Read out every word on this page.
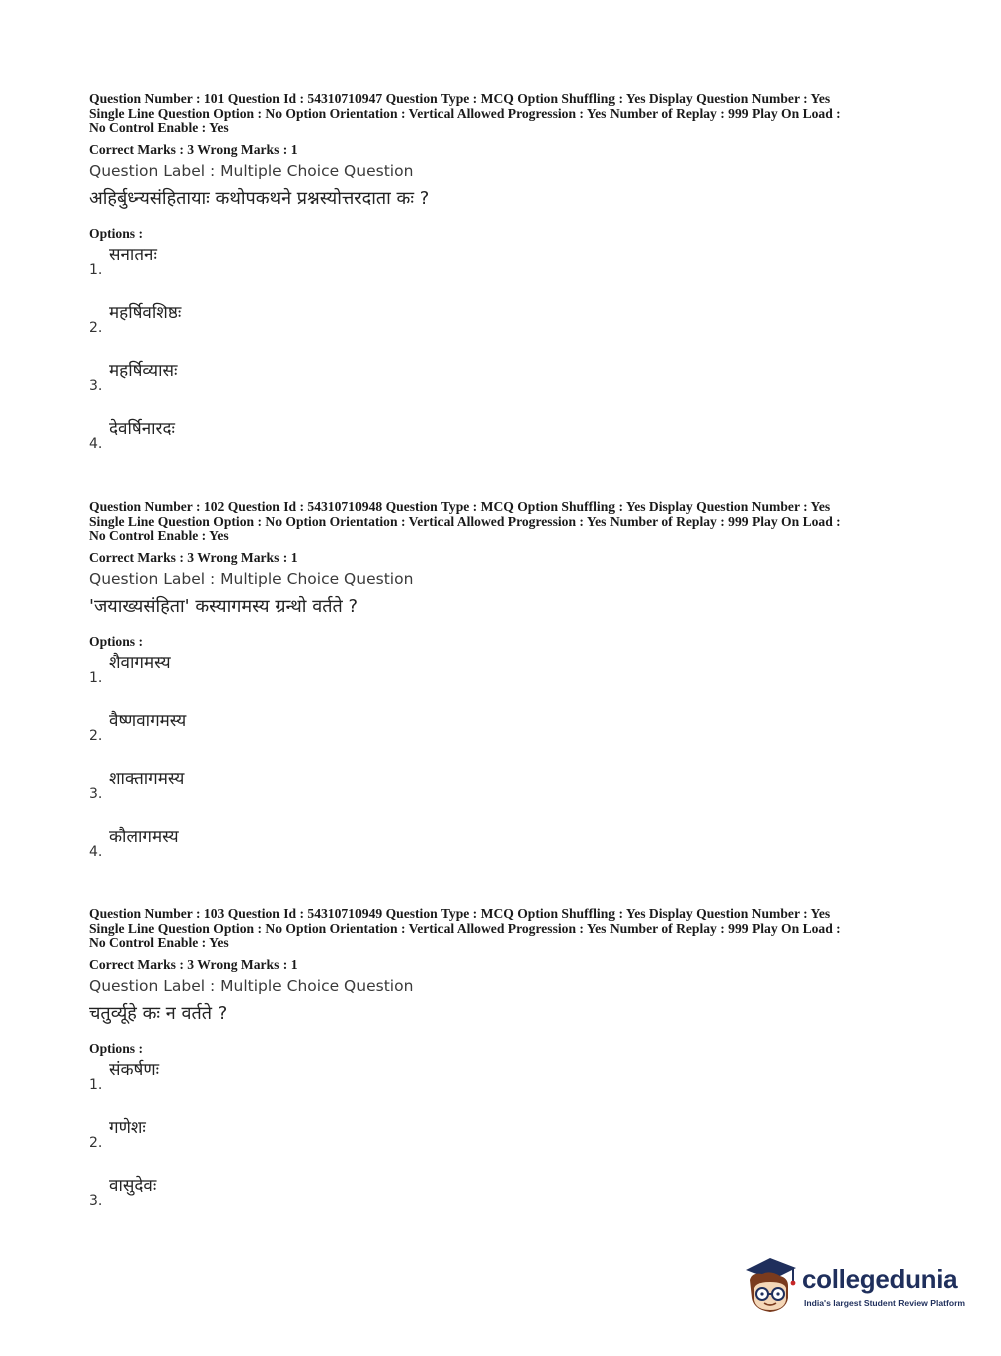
Question Number : 101 Question Id : 54310710947 Question Type : MCQ Option Shuffling : Yes Display Question Number : Yes
Single Line Question Option : No Option Orientation : Vertical Allowed Progression : Yes Number of Replay : 999 Play On Load :
No Control Enable : Yes
Correct Marks : 3 Wrong Marks : 1
Question Label : Multiple Choice Question
अहिर्बुध्न्यसंहितायाः कथोपकथने प्रश्नस्योत्तरदाता कः ?
Options :
1.
सनातनः
2.
महर्षिवशिष्ठः
3.
महर्षिव्यासः
4.
देवर्षिनारदः
Question Number : 102 Question Id : 54310710948 Question Type : MCQ Option Shuffling : Yes Display Question Number : Yes
Single Line Question Option : No Option Orientation : Vertical Allowed Progression : Yes Number of Replay : 999 Play On Load :
No Control Enable : Yes
Correct Marks : 3 Wrong Marks : 1
Question Label : Multiple Choice Question
'जयाख्यसंहिता' कस्यागमस्य ग्रन्थो वर्तते ?
Options :
1.
शैवागमस्य
2.
वैष्णवागमस्य
3.
शाक्तागमस्य
4.
कौलागमस्य
Question Number : 103 Question Id : 54310710949 Question Type : MCQ Option Shuffling : Yes Display Question Number : Yes
Single Line Question Option : No Option Orientation : Vertical Allowed Progression : Yes Number of Replay : 999 Play On Load :
No Control Enable : Yes
Correct Marks : 3 Wrong Marks : 1
Question Label : Multiple Choice Question
चतुर्व्यूहे कः न वर्तते ?
Options :
1.
संकर्षणः
2.
गणेशः
3.
वासुदेवः
collegedunia
India's largest Student Review Platform
